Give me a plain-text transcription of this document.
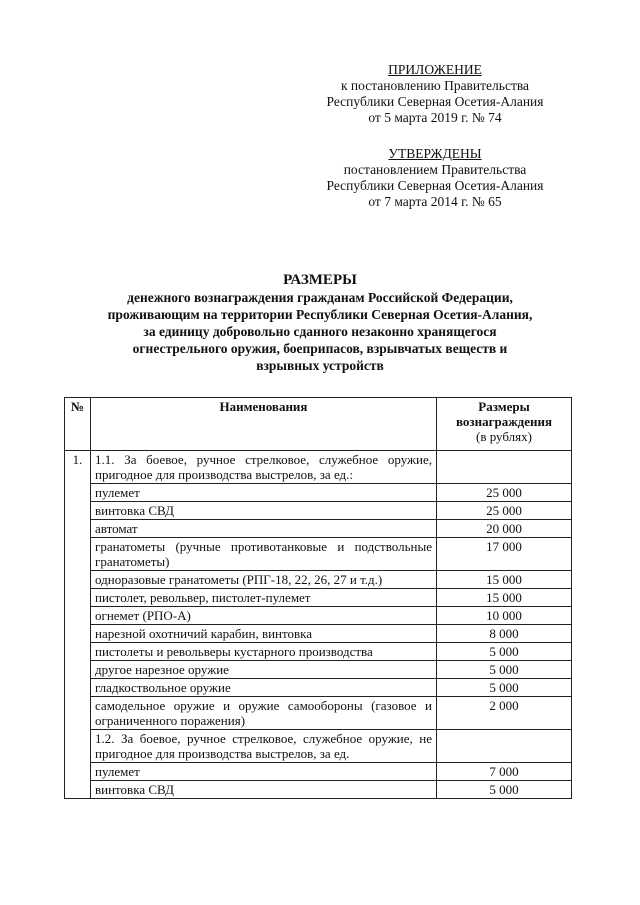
ПРИЛОЖЕНИЕ
к постановлению Правительства
Республики Северная Осетия-Алания
от 5 марта 2019 г. № 74
УТВЕРЖДЕНЫ
постановлением Правительства
Республики Северная Осетия-Алания
от 7 марта 2014 г. № 65
РАЗМЕРЫ
денежного вознаграждения гражданам Российской Федерации,
проживающим на территории Республики Северная Осетия-Алания,
за единицу добровольно сданного незаконно хранящегося
огнестрельного оружия, боеприпасов, взрывчатых веществ и
взрывных устройств
№	Наименования	Размеры
вознаграждения
(в рублях)

1.	1.1. За боевое, ручное стрелковое, служебное оружие, пригодное для производства выстрелов, за ед.:	
	пулемет	25 000
	винтовка СВД	25 000
	автомат	20 000
	гранатометы (ручные противотанковые и подствольные гранатометы)	17 000
	одноразовые гранатометы (РПГ-18, 22, 26, 27 и т.д.)	15 000
	пистолет, револьвер, пистолет-пулемет	15 000
	огнемет (РПО-А)	10 000
	нарезной охотничий карабин, винтовка	8 000
	пистолеты и револьверы кустарного производства	5 000
	другое нарезное оружие	5 000
	гладкоствольное оружие	5 000
	самодельное оружие и оружие самообороны (газовое и ограниченного поражения)	2 000
	1.2. За боевое, ручное стрелковое, служебное оружие, не пригодное для производства выстрелов, за ед.	
	пулемет	7 000
	винтовка СВД	5 000
